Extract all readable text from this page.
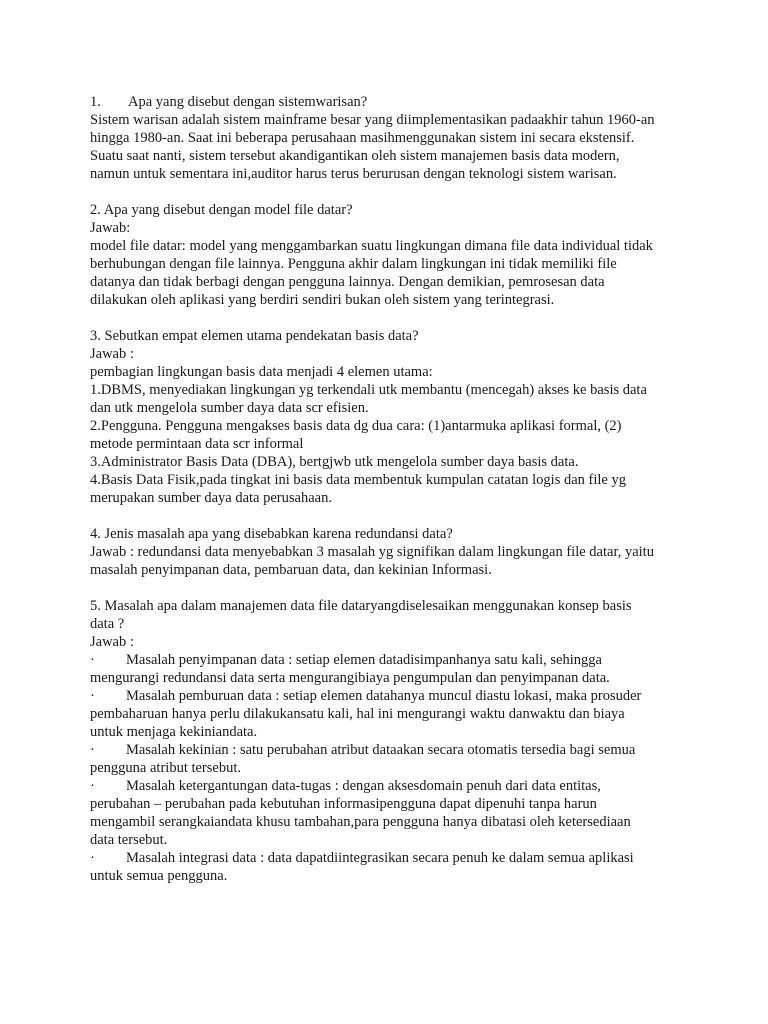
1. Apa yang disebut dengan sistemwarisan?
Sistem warisan adalah sistem mainframe besar yang diimplementasikan padaakhir tahun 1960-an
hingga 1980-an. Saat ini beberapa perusahaan masihmenggunakan sistem ini secara ekstensif.
Suatu saat nanti, sistem tersebut akandigantikan oleh sistem manajemen basis data modern,
namun untuk sementara ini,auditor harus terus berurusan dengan teknologi sistem warisan.
2. Apa yang disebut dengan model file datar?
Jawab:
model file datar: model yang menggambarkan suatu lingkungan dimana file data individual tidak
berhubungan dengan file lainnya. Pengguna akhir dalam lingkungan ini tidak memiliki file
datanya dan tidak berbagi dengan pengguna lainnya. Dengan demikian, pemrosesan data
dilakukan oleh aplikasi yang berdiri sendiri bukan oleh sistem yang terintegrasi.
3. Sebutkan empat elemen utama pendekatan basis data?
Jawab :
pembagian lingkungan basis data menjadi 4 elemen utama:
1.DBMS, menyediakan lingkungan yg terkendali utk membantu (mencegah) akses ke basis data
dan utk mengelola sumber daya data scr efisien.
2.Pengguna. Pengguna mengakses basis data dg dua cara: (1)antarmuka aplikasi formal, (2)
metode permintaan data scr informal
3.Administrator Basis Data (DBA), bertgjwb utk mengelola sumber daya basis data.
4.Basis Data Fisik,pada tingkat ini basis data membentuk kumpulan catatan logis dan file yg
merupakan sumber daya data perusahaan.
4. Jenis masalah apa yang disebabkan karena redundansi data?
Jawab : redundansi data menyebabkan 3 masalah yg signifikan dalam lingkungan file datar, yaitu
masalah penyimpanan data, pembaruan data, dan kekinian Informasi.
5. Masalah apa dalam manajemen data file dataryangdiselesaikan menggunakan konsep basis
data ?
Jawab :
· Masalah penyimpanan data : setiap elemen datadisimpanhanya satu kali, sehingga
mengurangi redundansi data serta mengurangibiaya pengumpulan dan penyimpanan data.
· Masalah pemburuan data : setiap elemen datahanya muncul diastu lokasi, maka prosuder
pembaharuan hanya perlu dilakukansatu kali, hal ini mengurangi waktu danwaktu dan biaya
untuk menjaga kekiniandata.
· Masalah kekinian : satu perubahan atribut dataakan secara otomatis tersedia bagi semua
pengguna atribut tersebut.
· Masalah ketergantungan data-tugas : dengan aksesdomain penuh dari data entitas,
perubahan – perubahan pada kebutuhan informasipengguna dapat dipenuhi tanpa harun
mengambil serangkaiandata khusu tambahan,para pengguna hanya dibatasi oleh ketersediaan
data tersebut.
· Masalah integrasi data : data dapatdiintegrasikan secara penuh ke dalam semua aplikasi
untuk semua pengguna.
